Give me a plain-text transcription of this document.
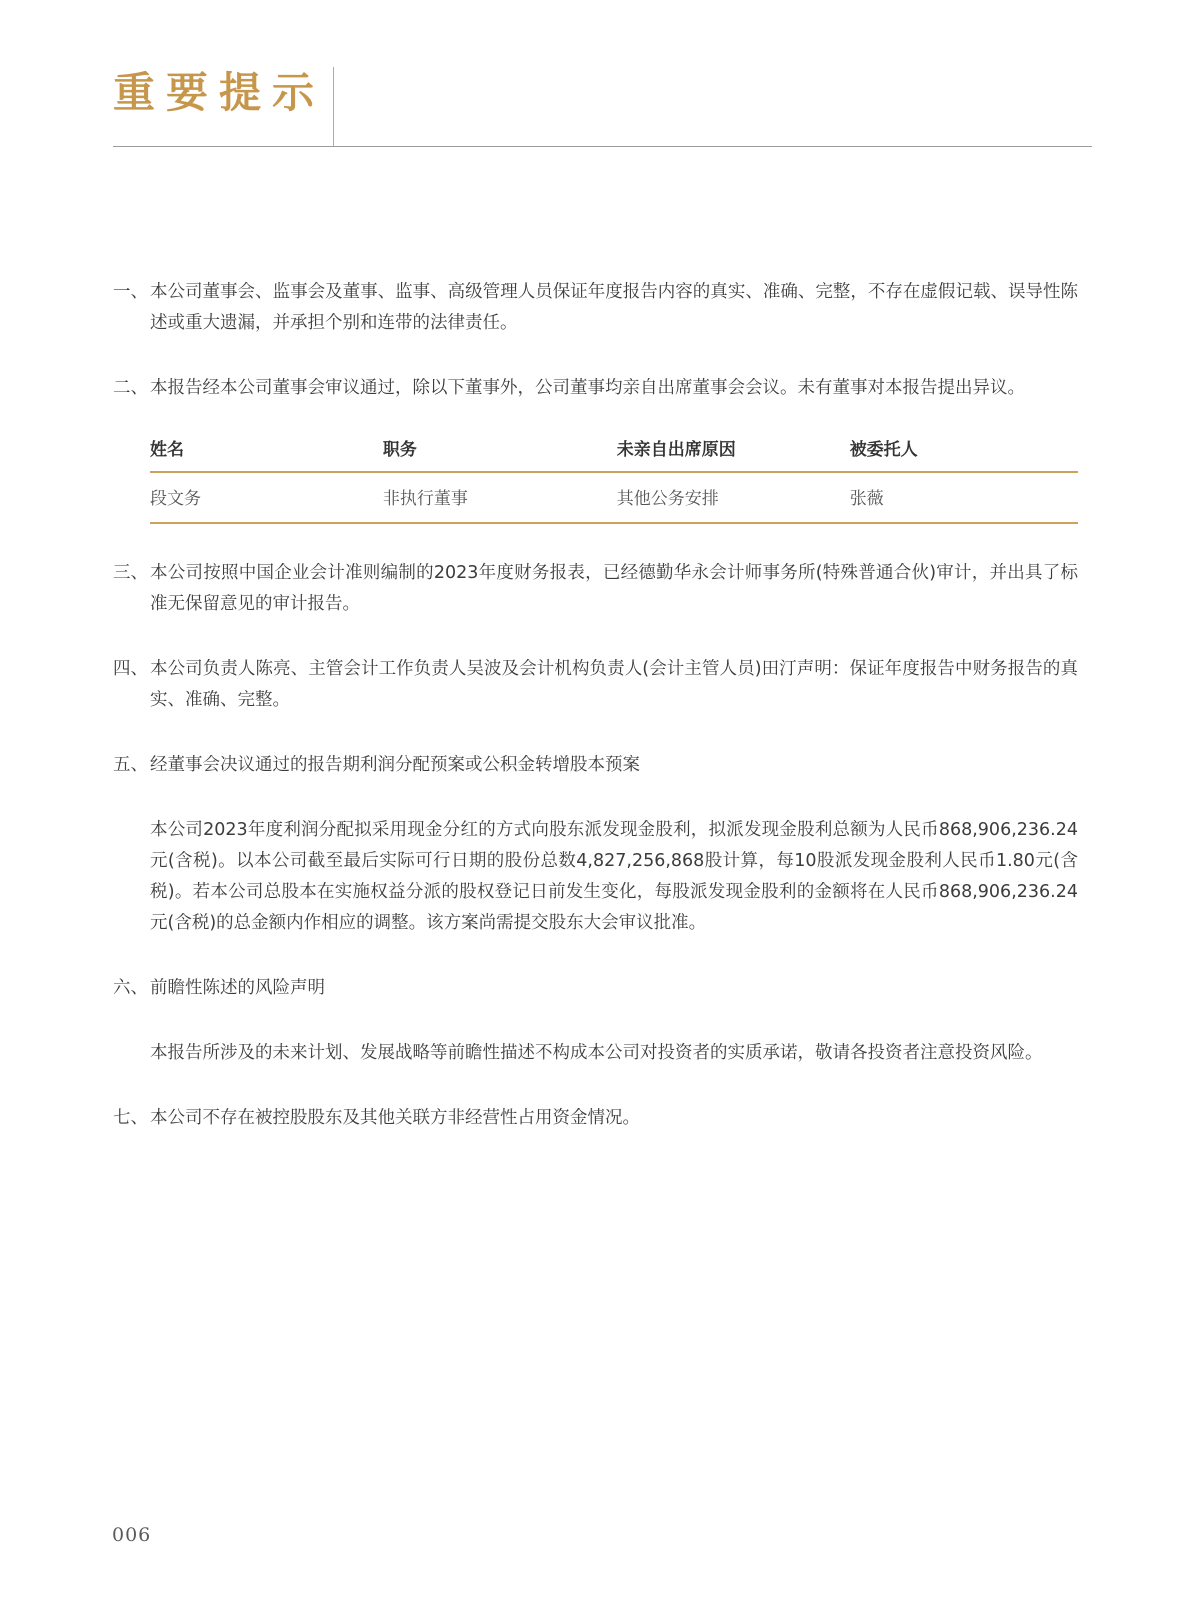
重要提示
一、 本公司董事会、监事会及董事、监事、高级管理人员保证年度报告内容的真实、准确、完整，不存在虚假记载、误导性陈述或重大遗漏，并承担个别和连带的法律责任。

二、 本报告经本公司董事会审议通过，除以下董事外，公司董事均亲自出席董事会会议。未有董事对本报告提出异议。

姓名	职务	未亲自出席原因	被委托人
段文务	非执行董事	其他公务安排	张薇
三、 本公司按照中国企业会计准则编制的2023年度财务报表，已经德勤华永会计师事务所(特殊普通合伙)审计，并出具了标准无保留意见的审计报告。

四、 本公司负责人陈亮、主管会计工作负责人吴波及会计机构负责人(会计主管人员)田汀声明：保证年度报告中财务报告的真实、准确、完整。

五、 经董事会决议通过的报告期利润分配预案或公积金转增股本预案

本公司2023年度利润分配拟采用现金分红的方式向股东派发现金股利，拟派发现金股利总额为人民币868,906,236.24元(含税)。以本公司截至最后实际可行日期的股份总数4,827,256,868股计算，每10股派发现金股利人民币1.80元(含税)。若本公司总股本在实施权益分派的股权登记日前发生变化，每股派发现金股利的金额将在人民币868,906,236.24元(含税)的总金额内作相应的调整。该方案尚需提交股东大会审议批准。

六、 前瞻性陈述的风险声明

本报告所涉及的未来计划、发展战略等前瞻性描述不构成本公司对投资者的实质承诺，敬请各投资者注意投资风险。

七、 本公司不存在被控股股东及其他关联方非经营性占用资金情况。

006
